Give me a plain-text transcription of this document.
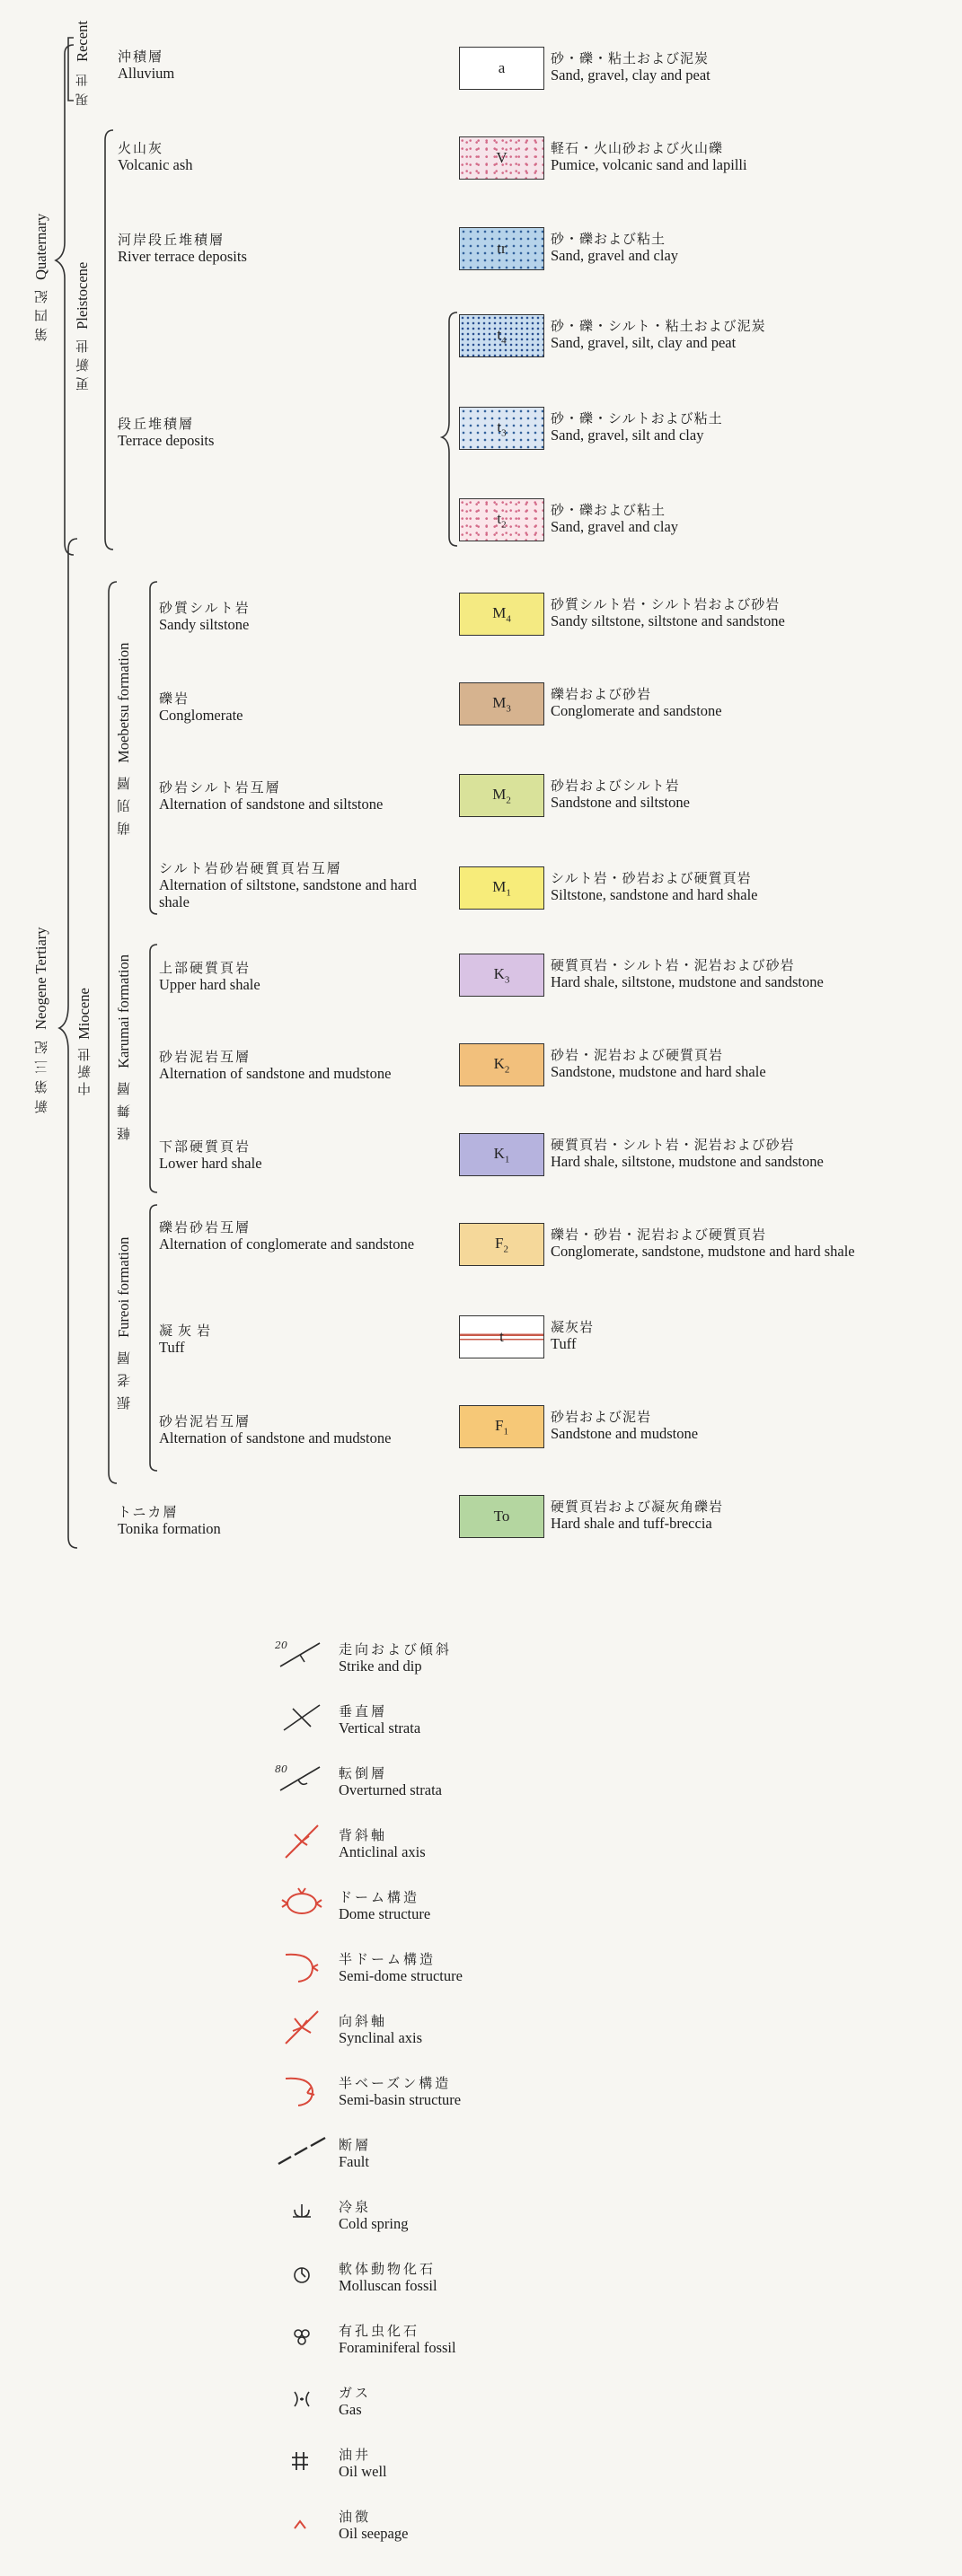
現世 Recent
第四紀 Quaternary
更新世 Pleistocene
新第三紀 Neogene Tertiary
中新世 Miocene
萌別層 Moebetsu formation
軽舞層 Karumai formation
振老層 Fureoi formation
沖積層
Alluvium
火山灰
Volcanic ash
河岸段丘堆積層
River terrace deposits
段丘堆積層
Terrace deposits
砂質シルト岩
Sandy siltstone
礫岩
Conglomerate
砂岩シルト岩互層
Alternation of sandstone and siltstone
シルト岩砂岩硬質頁岩互層
Alternation of siltstone, sandstone and hard shale
上部硬質頁岩
Upper hard shale
砂岩泥岩互層
Alternation of sandstone and mudstone
下部硬質頁岩
Lower hard shale
礫岩砂岩互層
Alternation of conglomerate and sandstone
凝灰岩
Tuff
砂岩泥岩互層
Alternation of sandstone and mudstone
トニカ層
Tonika formation
a
砂・礫・粘土および泥炭
Sand, gravel, clay and peat
V
軽石・火山砂および火山礫
Pumice, volcanic sand and lapilli
tr
砂・礫および粘土
Sand, gravel and clay
$t_4$
砂・礫・シルト・粘土および泥炭
Sand, gravel, silt, clay and peat
$t_3$
砂・礫・シルトおよび粘土
Sand, gravel, silt and clay
$t_2$
砂・礫および粘土
Sand, gravel and clay
$M_4$
砂質シルト岩・シルト岩および砂岩
Sandy siltstone, siltstone and sandstone
$M_3$
礫岩および砂岩
Conglomerate and sandstone
$M_2$
砂岩およびシルト岩
Sandstone and siltstone
$M_1$
シルト岩・砂岩および硬質頁岩
Siltstone, sandstone and hard shale
$K_3$
硬質頁岩・シルト岩・泥岩および砂岩
Hard shale, siltstone, mudstone and sandstone
$K_2$
砂岩・泥岩および硬質頁岩
Sandstone, mudstone and hard shale
$K_1$
硬質頁岩・シルト岩・泥岩および砂岩
Hard shale, siltstone, mudstone and sandstone
$F_2$
礫岩・砂岩・泥岩および硬質頁岩
Conglomerate, sandstone, mudstone and hard shale
t
凝灰岩
Tuff
$F_1$
砂岩および泥岩
Sandstone and mudstone
To
硬質頁岩および凝灰角礫岩
Hard shale and tuff-breccia
20	走向および傾斜
Strike and dip
垂直層
Vertical strata
80	転倒層
Overturned strata
背斜軸
Anticlinal axis
ドーム構造
Dome structure
半ドーム構造
Semi-dome structure
向斜軸
Synclinal axis
半ベーズン構造
Semi-basin structure
断層
Fault
冷泉
Cold spring
軟体動物化石
Molluscan fossil
有孔虫化石
Foraminiferal fossil
ガス
Gas
油井
Oil well
油徴
Oil seepage
